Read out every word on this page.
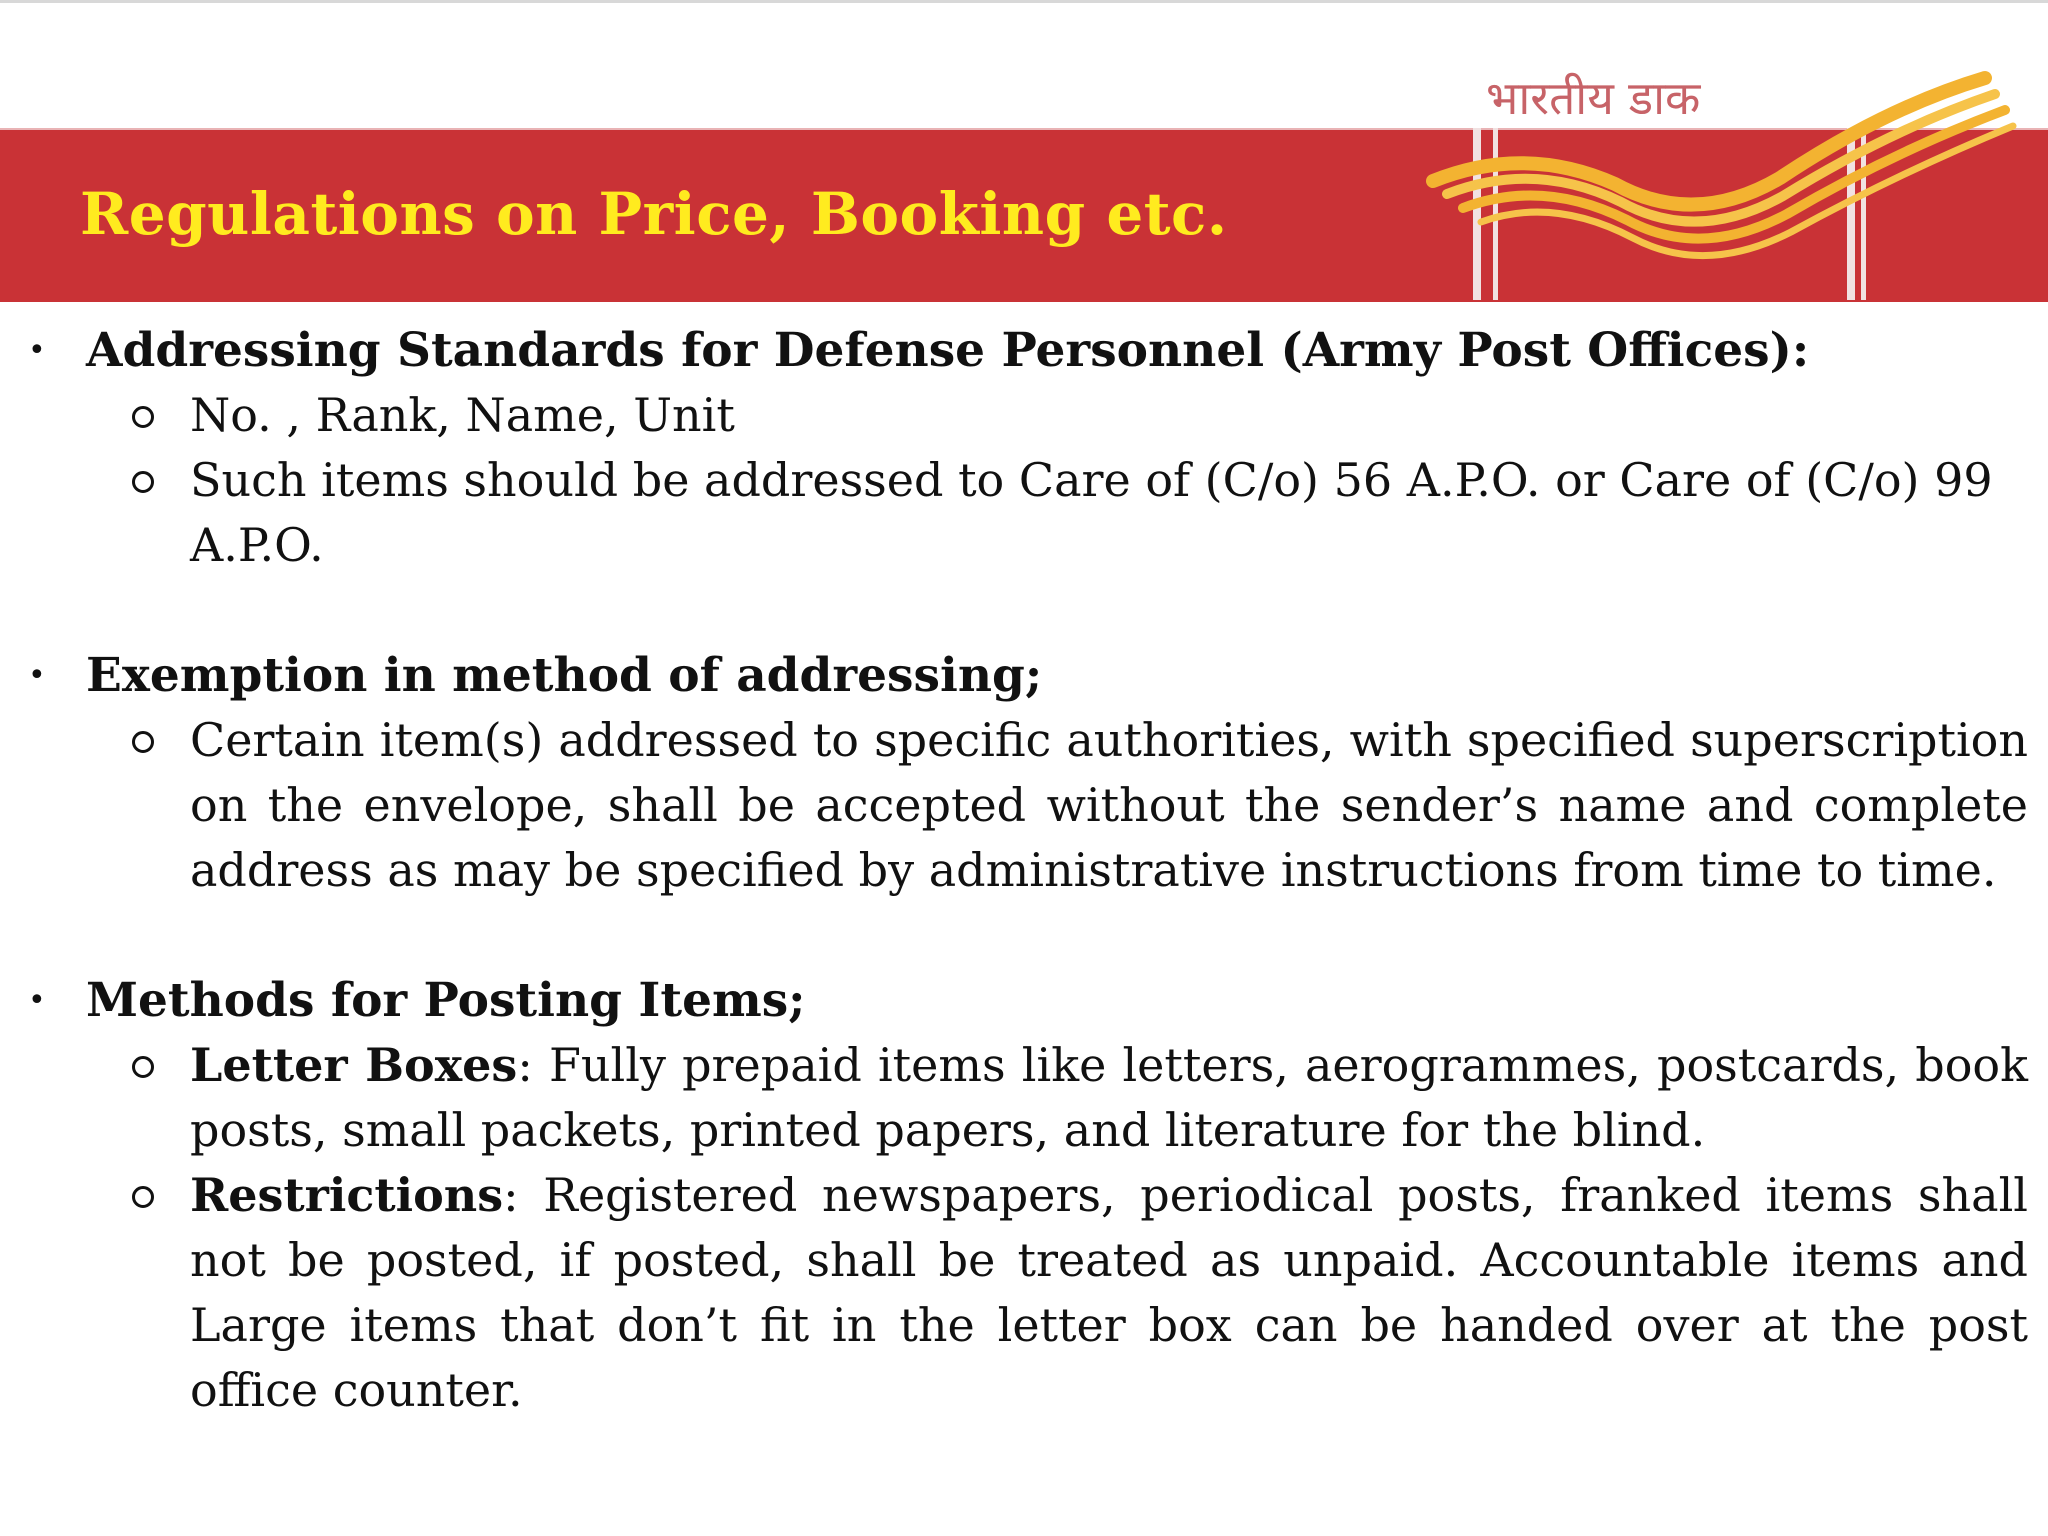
Regulations on Price, Booking etc.
भारतीय डाक
• Addressing Standards for Defense Personnel (Army Post Offices):
No. , Rank, Name, Unit
Such items should be addressed to Care of (C/o) 56 A.P.O. or Care of (C/o) 99 A.P.O.
• Exemption in method of addressing;
Certain item(s) addressed to specific authorities, with specified superscription on the envelope, shall be accepted without the sender’s name and complete address as may be specified by administrative instructions from time to time.
• Methods for Posting Items;
Letter Boxes: Fully prepaid items like letters, aerogrammes, postcards, book posts, small packets, printed papers, and literature for the blind.
Restrictions: Registered newspapers, periodical posts, franked items shall not be posted, if posted, shall be treated as unpaid. Accountable items and Large items that don’t fit in the letter box can be handed over at the post office counter.
